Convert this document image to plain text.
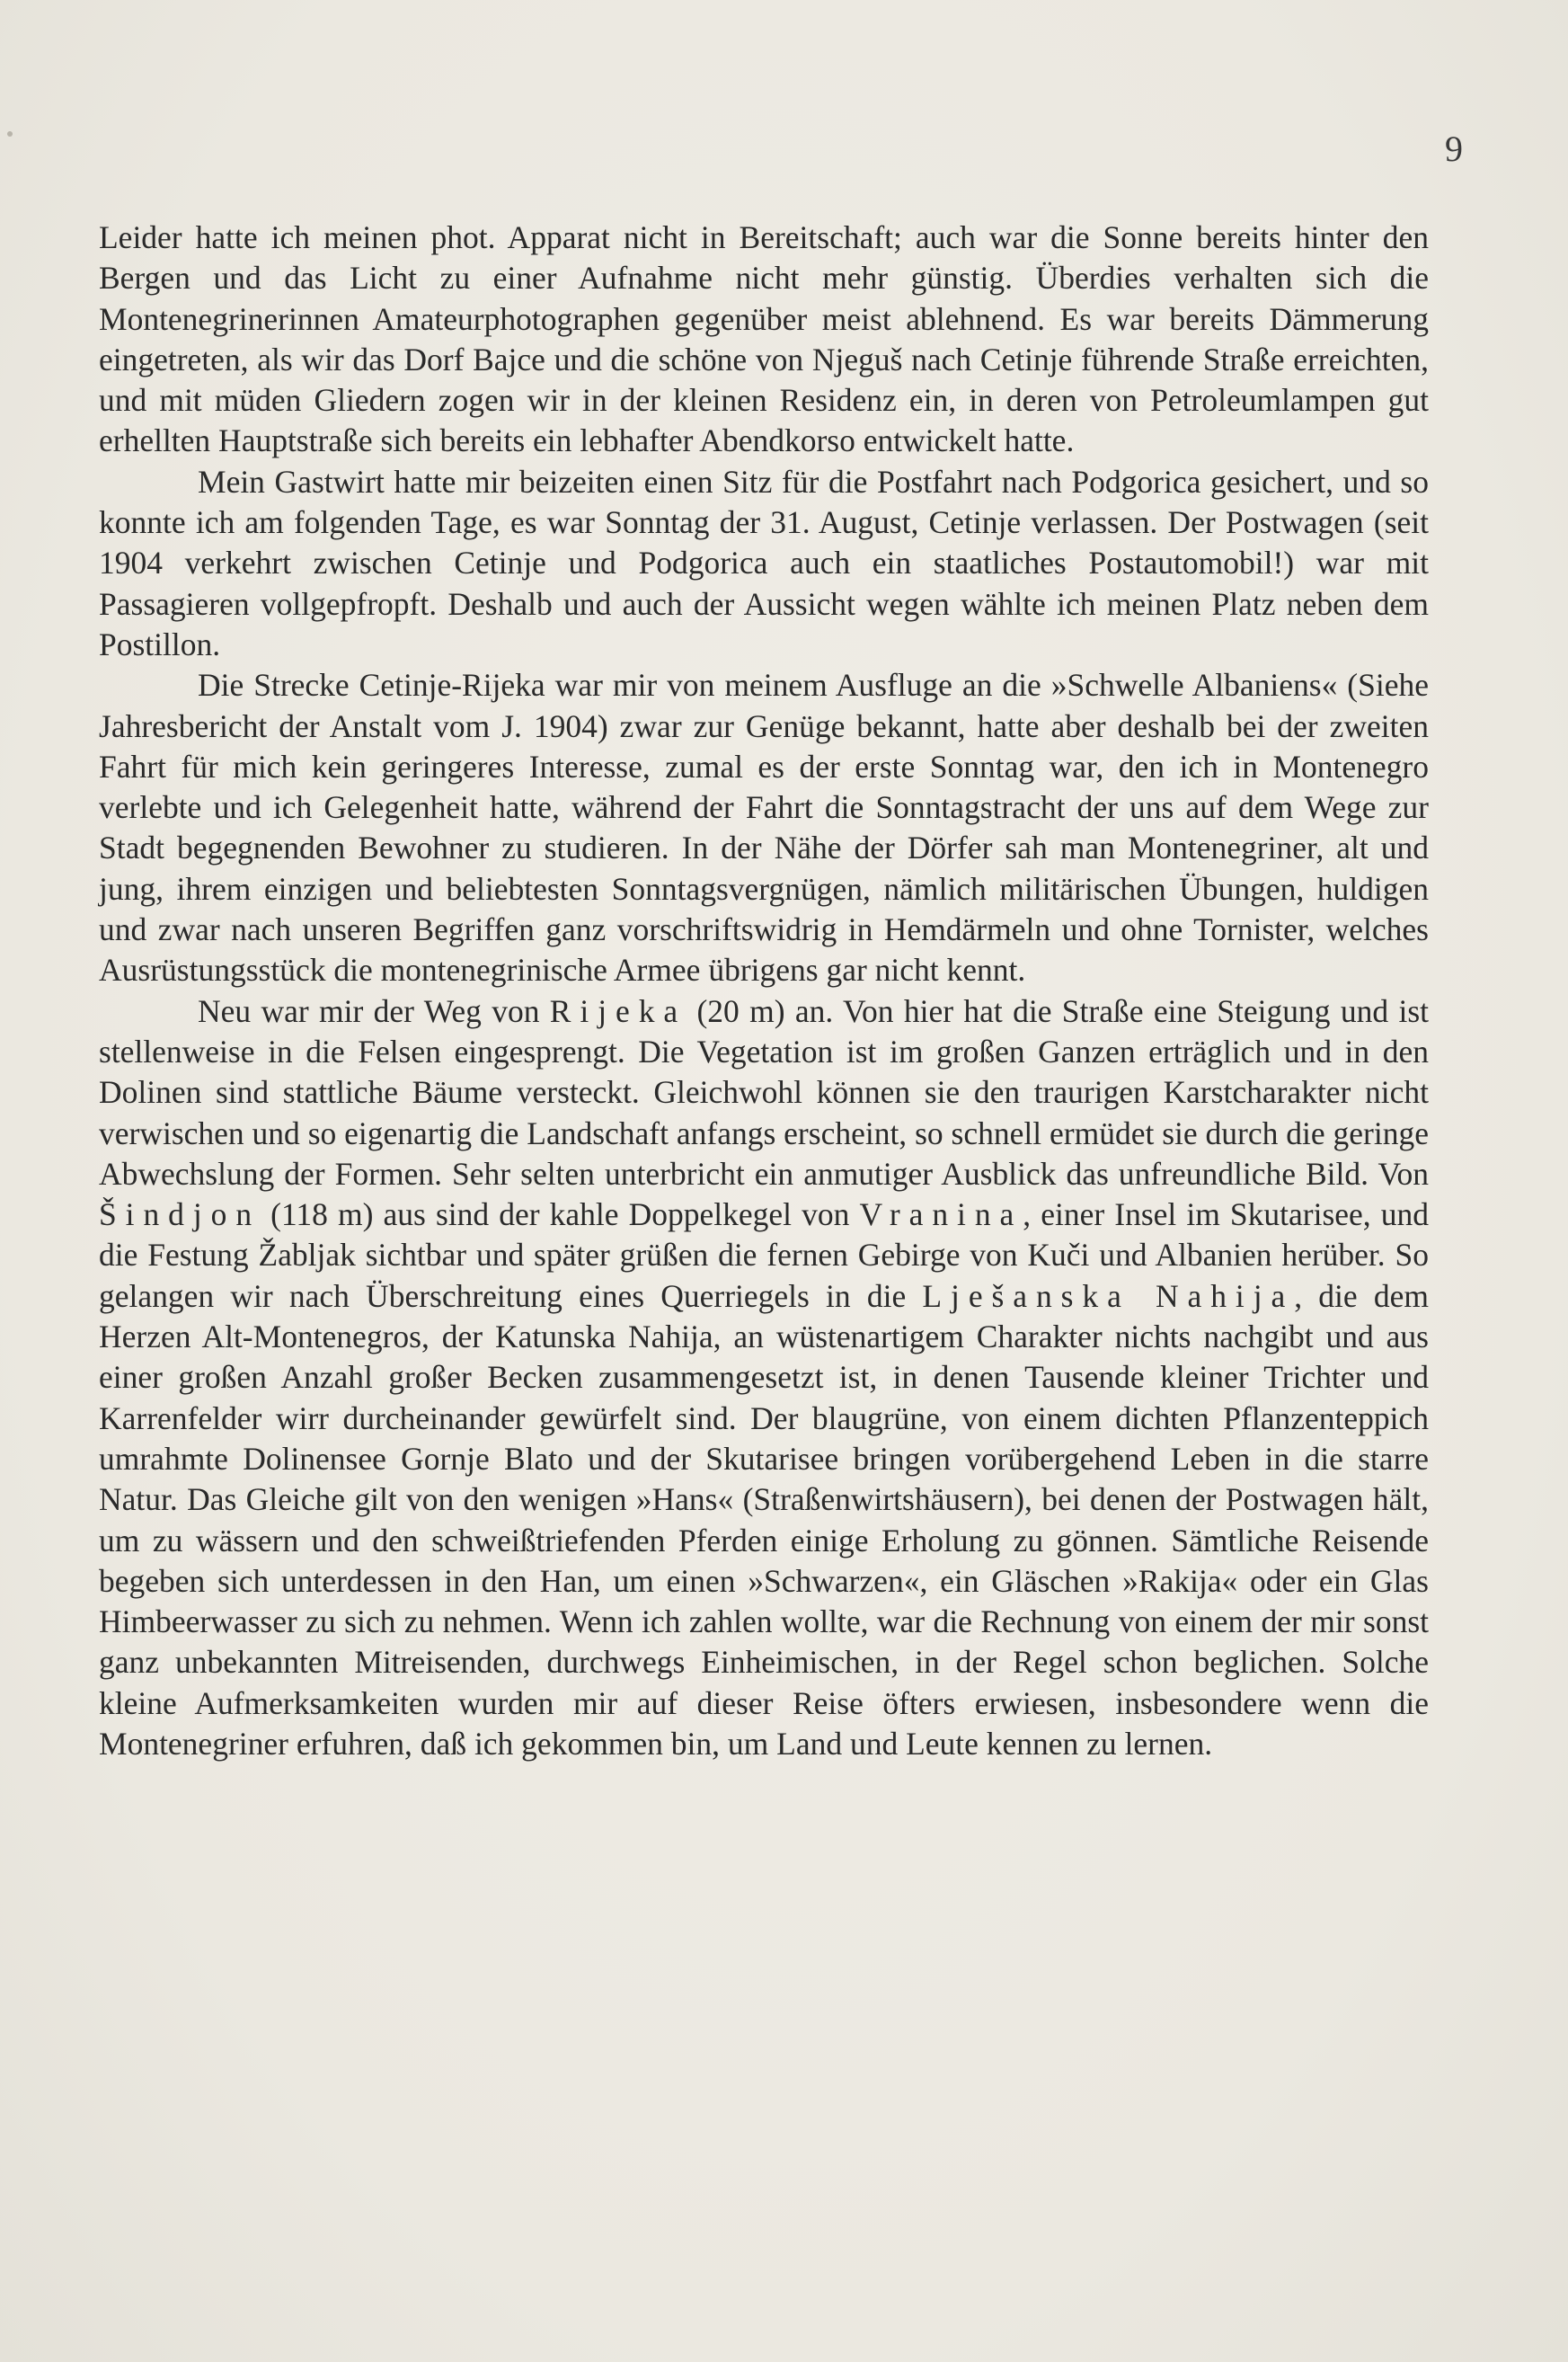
9

Leider hatte ich meinen phot. Apparat nicht in Bereitschaft; auch war die Sonne bereits hinter den Bergen und das Licht zu einer Aufnahme nicht mehr günstig. Überdies verhalten sich die Montenegrinerinnen Amateurphotographen gegenüber meist ablehnend. Es war bereits Dämmerung eingetreten, als wir das Dorf Bajce und die schöne von Njeguš nach Cetinje führende Straße erreichten, und mit müden Gliedern zogen wir in der kleinen Residenz ein, in deren von Petroleumlampen gut erhellten Hauptstraße sich bereits ein lebhafter Abendkorso entwickelt hatte.

Mein Gastwirt hatte mir beizeiten einen Sitz für die Postfahrt nach Podgorica gesichert, und so konnte ich am folgenden Tage, es war Sonntag der 31. August, Cetinje verlassen. Der Postwagen (seit 1904 verkehrt zwischen Cetinje und Podgorica auch ein staatliches Postautomobil!) war mit Passagieren vollgepfropft. Deshalb und auch der Aussicht wegen wählte ich meinen Platz neben dem Postillon.

Die Strecke Cetinje-Rijeka war mir von meinem Ausfluge an die »Schwelle Albaniens« (Siehe Jahresbericht der Anstalt vom J. 1904) zwar zur Genüge bekannt, hatte aber deshalb bei der zweiten Fahrt für mich kein geringeres Interesse, zumal es der erste Sonntag war, den ich in Montenegro verlebte und ich Gelegenheit hatte, während der Fahrt die Sonntagstracht der uns auf dem Wege zur Stadt begegnenden Bewohner zu studieren. In der Nähe der Dörfer sah man Montenegriner, alt und jung, ihrem einzigen und beliebtesten Sonntagsvergnügen, nämlich militärischen Übungen, huldigen und zwar nach unseren Begriffen ganz vorschriftswidrig in Hemdärmeln und ohne Tornister, welches Ausrüstungsstück die montenegrinische Armee übrigens gar nicht kennt.

Neu war mir der Weg von Rijeka (20 m) an. Von hier hat die Straße eine Steigung und ist stellenweise in die Felsen eingesprengt. Die Vegetation ist im großen Ganzen erträglich und in den Dolinen sind stattliche Bäume versteckt. Gleichwohl können sie den traurigen Karstcharakter nicht verwischen und so eigenartig die Landschaft anfangs erscheint, so schnell ermüdet sie durch die geringe Abwechslung der Formen. Sehr selten unterbricht ein anmutiger Ausblick das unfreundliche Bild. Von Šindjon (118 m) aus sind der kahle Doppelkegel von Vranina, einer Insel im Skutarisee, und die Festung Žabljak sichtbar und später grüßen die fernen Gebirge von Kuči und Albanien herüber. So gelangen wir nach Überschreitung eines Querriegels in die Lješanska Nahija, die dem Herzen Alt-Montenegros, der Katunska Nahija, an wüstenartigem Charakter nichts nachgibt und aus einer großen Anzahl großer Becken zusammengesetzt ist, in denen Tausende kleiner Trichter und Karrenfelder wirr durcheinander gewürfelt sind. Der blaugrüne, von einem dichten Pflanzenteppich umrahmte Dolinensee Gornje Blato und der Skutarisee bringen vorübergehend Leben in die starre Natur. Das Gleiche gilt von den wenigen »Hans« (Straßenwirtshäusern), bei denen der Postwagen hält, um zu wässern und den schweißtriefenden Pferden einige Erholung zu gönnen. Sämtliche Reisende begeben sich unterdessen in den Han, um einen »Schwarzen«, ein Gläschen »Rakija« oder ein Glas Himbeerwasser zu sich zu nehmen. Wenn ich zahlen wollte, war die Rechnung von einem der mir sonst ganz unbekannten Mitreisenden, durchwegs Einheimischen, in der Regel schon beglichen. Solche kleine Aufmerksamkeiten wurden mir auf dieser Reise öfters erwiesen, insbesondere wenn die Montenegriner erfuhren, daß ich gekommen bin, um Land und Leute kennen zu lernen.
